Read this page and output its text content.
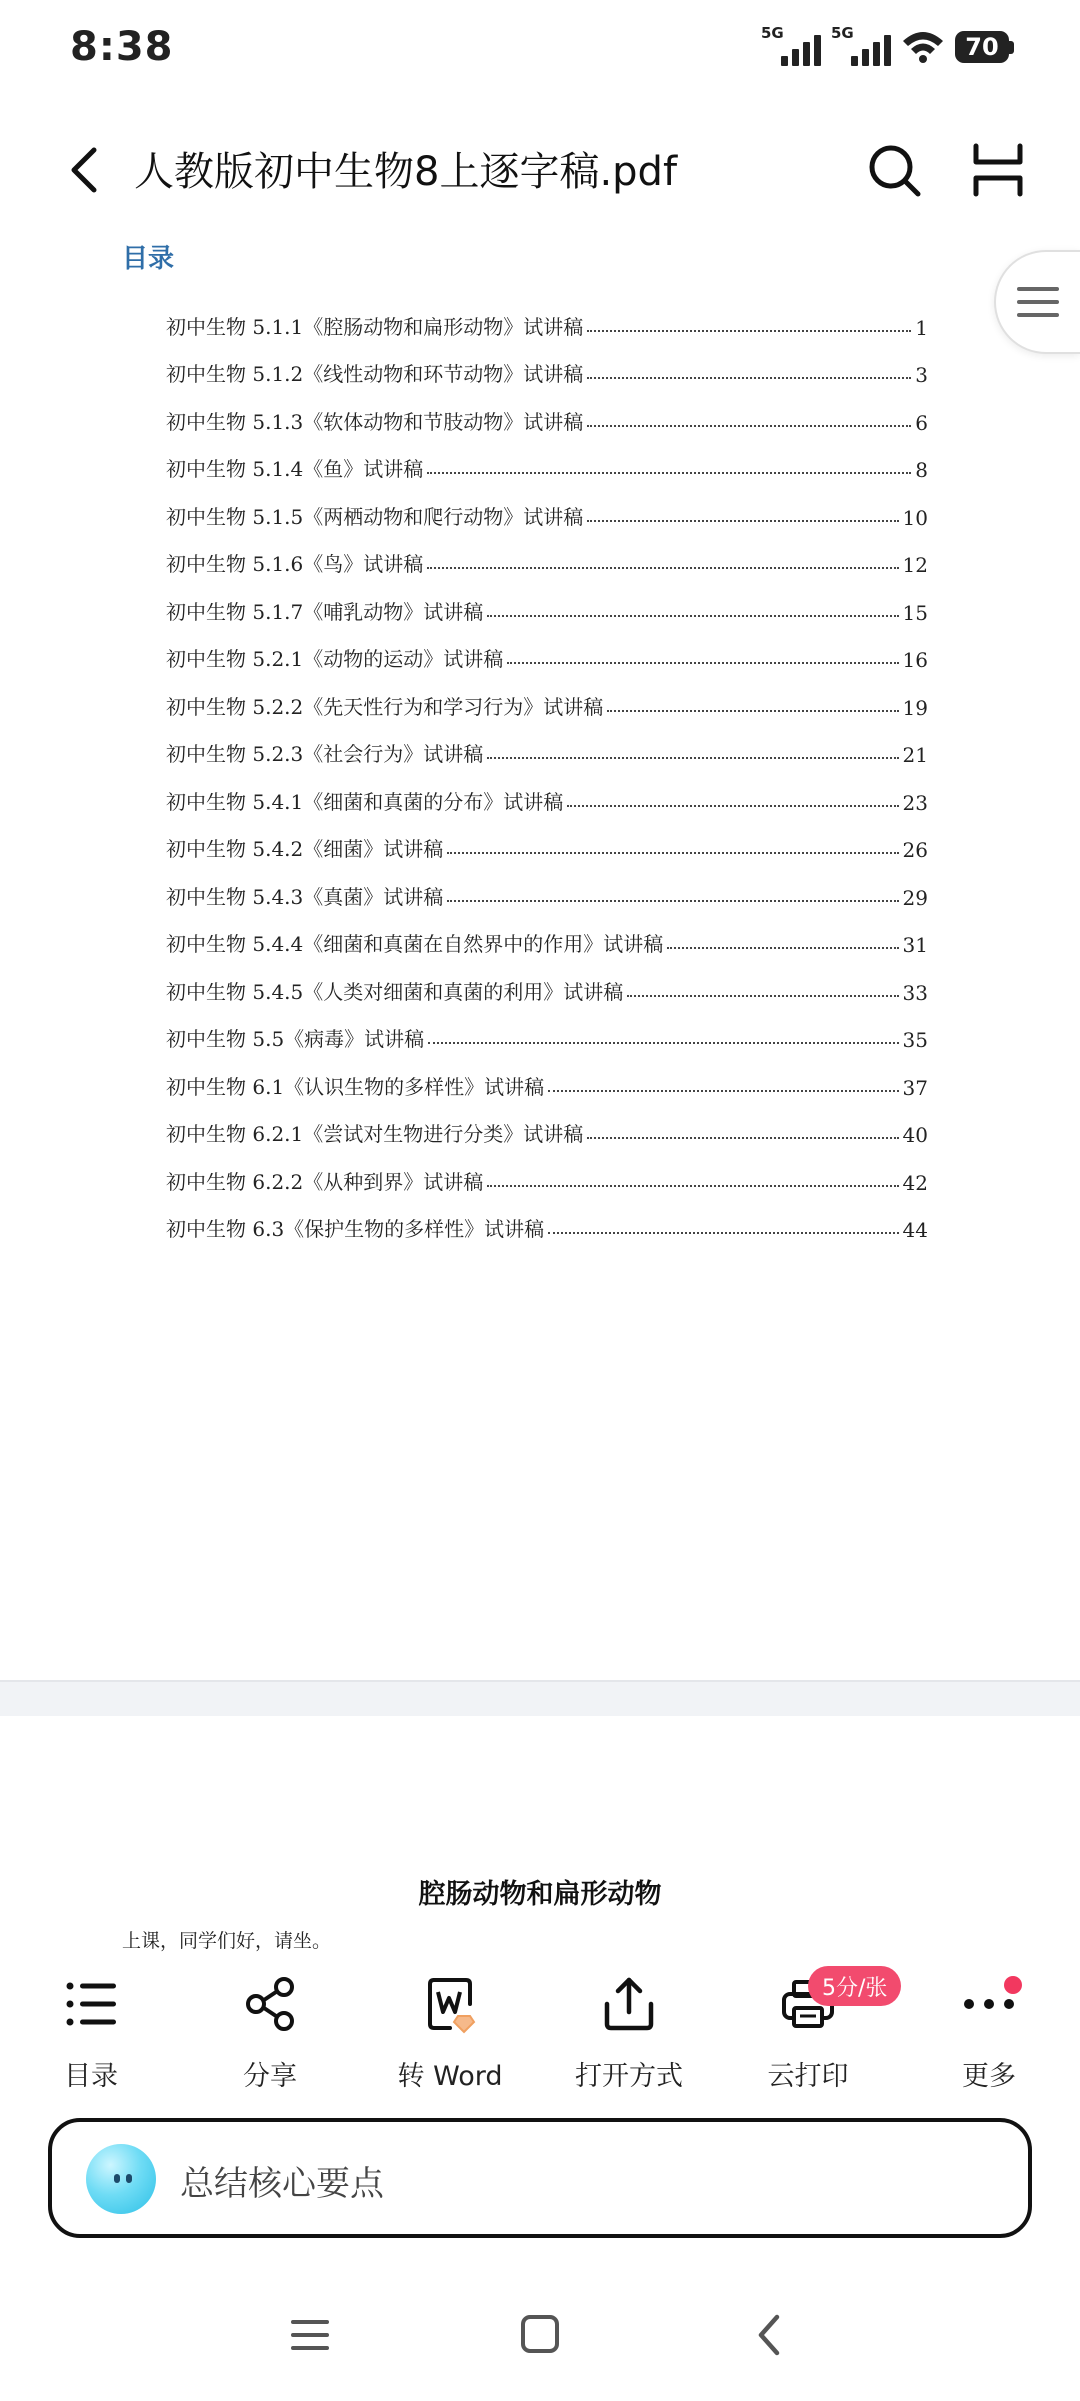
8:38	5G	5G	70
人教版初中生物8上逐字稿.pdf
目录
初中生物 5.1.1《腔肠动物和扁形动物》试讲稿	1
初中生物 5.1.2《线性动物和环节动物》试讲稿	3
初中生物 5.1.3《软体动物和节肢动物》试讲稿	6
初中生物 5.1.4《鱼》试讲稿	8
初中生物 5.1.5《两栖动物和爬行动物》试讲稿	10
初中生物 5.1.6《鸟》试讲稿	12
初中生物 5.1.7《哺乳动物》试讲稿	15
初中生物 5.2.1《动物的运动》试讲稿	16
初中生物 5.2.2《先天性行为和学习行为》试讲稿	19
初中生物 5.2.3《社会行为》试讲稿	21
初中生物 5.4.1《细菌和真菌的分布》试讲稿	23
初中生物 5.4.2《细菌》试讲稿	26
初中生物 5.4.3《真菌》试讲稿	29
初中生物 5.4.4《细菌和真菌在自然界中的作用》试讲稿	31
初中生物 5.4.5《人类对细菌和真菌的利用》试讲稿	33
初中生物 5.5《病毒》试讲稿	35
初中生物 6.1《认识生物的多样性》试讲稿	37
初中生物 6.2.1《尝试对生物进行分类》试讲稿	40
初中生物 6.2.2《从种到界》试讲稿	42
初中生物 6.3《保护生物的多样性》试讲稿	44
腔肠动物和扁形动物
上课，同学们好，请坐。
目录	分享	转 Word	打开方式	云打印	更多
5分/张
总结核心要点
